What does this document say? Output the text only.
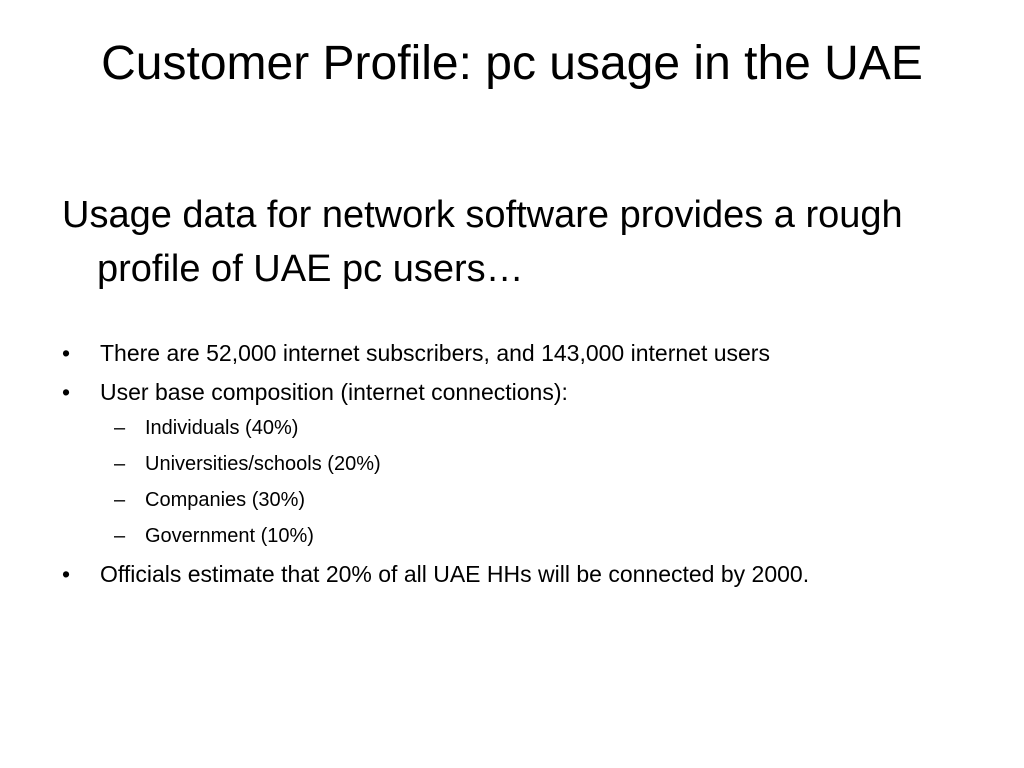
Customer Profile: pc usage in the UAE

Usage data for network software provides a rough profile of UAE pc users…

• There are 52,000 internet subscribers, and 143,000 internet users
• User base composition (internet connections):
– Individuals (40%)
– Universities/schools (20%)
– Companies (30%)
– Government (10%)
• Officials estimate that 20% of all UAE HHs will be connected by 2000.
